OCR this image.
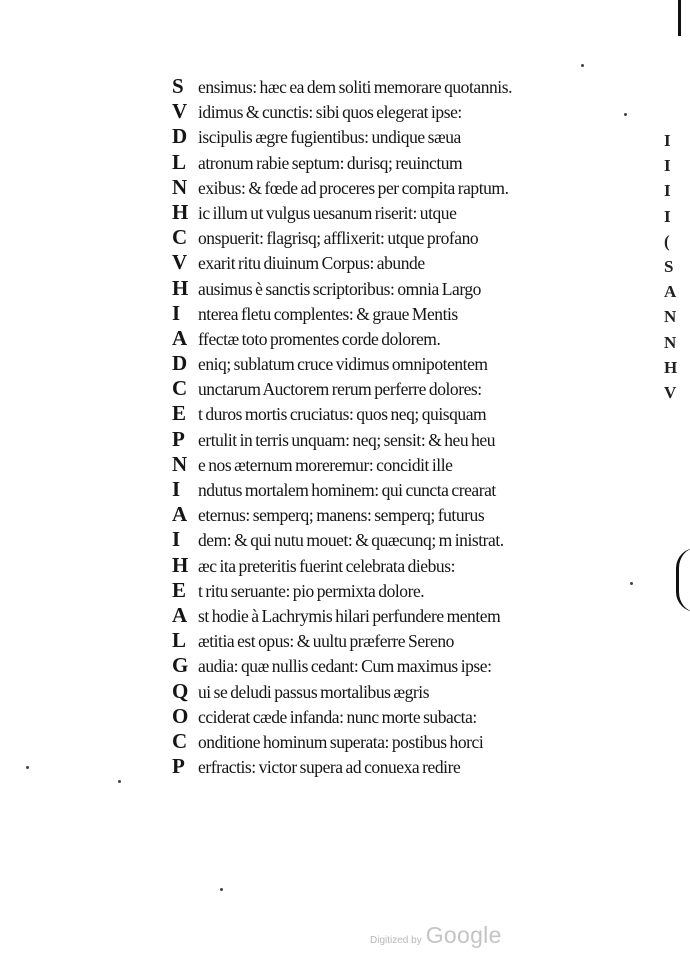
S ensimus: hæc ea dem soliti memorare quotannis.
V idimus & cunctis: sibi quos elegerat ipse:
D iscipulis ægre fugientibus: undique sæua
L atronum rabie septum: durisq; reuinctum
N exibus: & fœde ad proceres per compita raptum.
H ic illum ut vulgus uesanum riserit: utque
C onspuerit: flagrisq; afflixerit: utque profano
V exarit ritu diuinum Corpus: abunde
H ausimus è sanctis scriptoribus: omnia Largo
I	nterea fletu complentes: & graue Mentis
A ffectæ toto promentes corde dolorem.
D eniq; sublatum cruce vidimus omnipotentem
C unctarum Auctorem rerum perferre dolores:
E t duros mortis cruciatus: quos neq; quisquam
P ertulit in terris unquam: neq; sensit: & heu heu
N e nos æternum moreremur: concidit ille
I	ndutus mortalem hominem: qui cuncta crearat
A eternus: semperq; manens: semperq; futurus
I	dem: & qui nutu mouet: & quæcunq; m inistrat.
H æc ita preteritis fuerint celebrata diebus:
E t ritu seruante: pio permixta dolore.
A st hodie à Lachrymis hilari perfundere mentem
L ætitia est opus: & uultu præferre Sereno
G audia: quæ nullis cedant: Cum maximus ipse:
Q ui se deludi passus mortalibus ægris
O cciderat cæde infanda: nunc morte subacta:
C onditione hominum superata: postibus horci
P erfractis: victor supera ad conuexa redire
I
I
I
I
(
S
A
N
N
H
V
Digitized by Google
